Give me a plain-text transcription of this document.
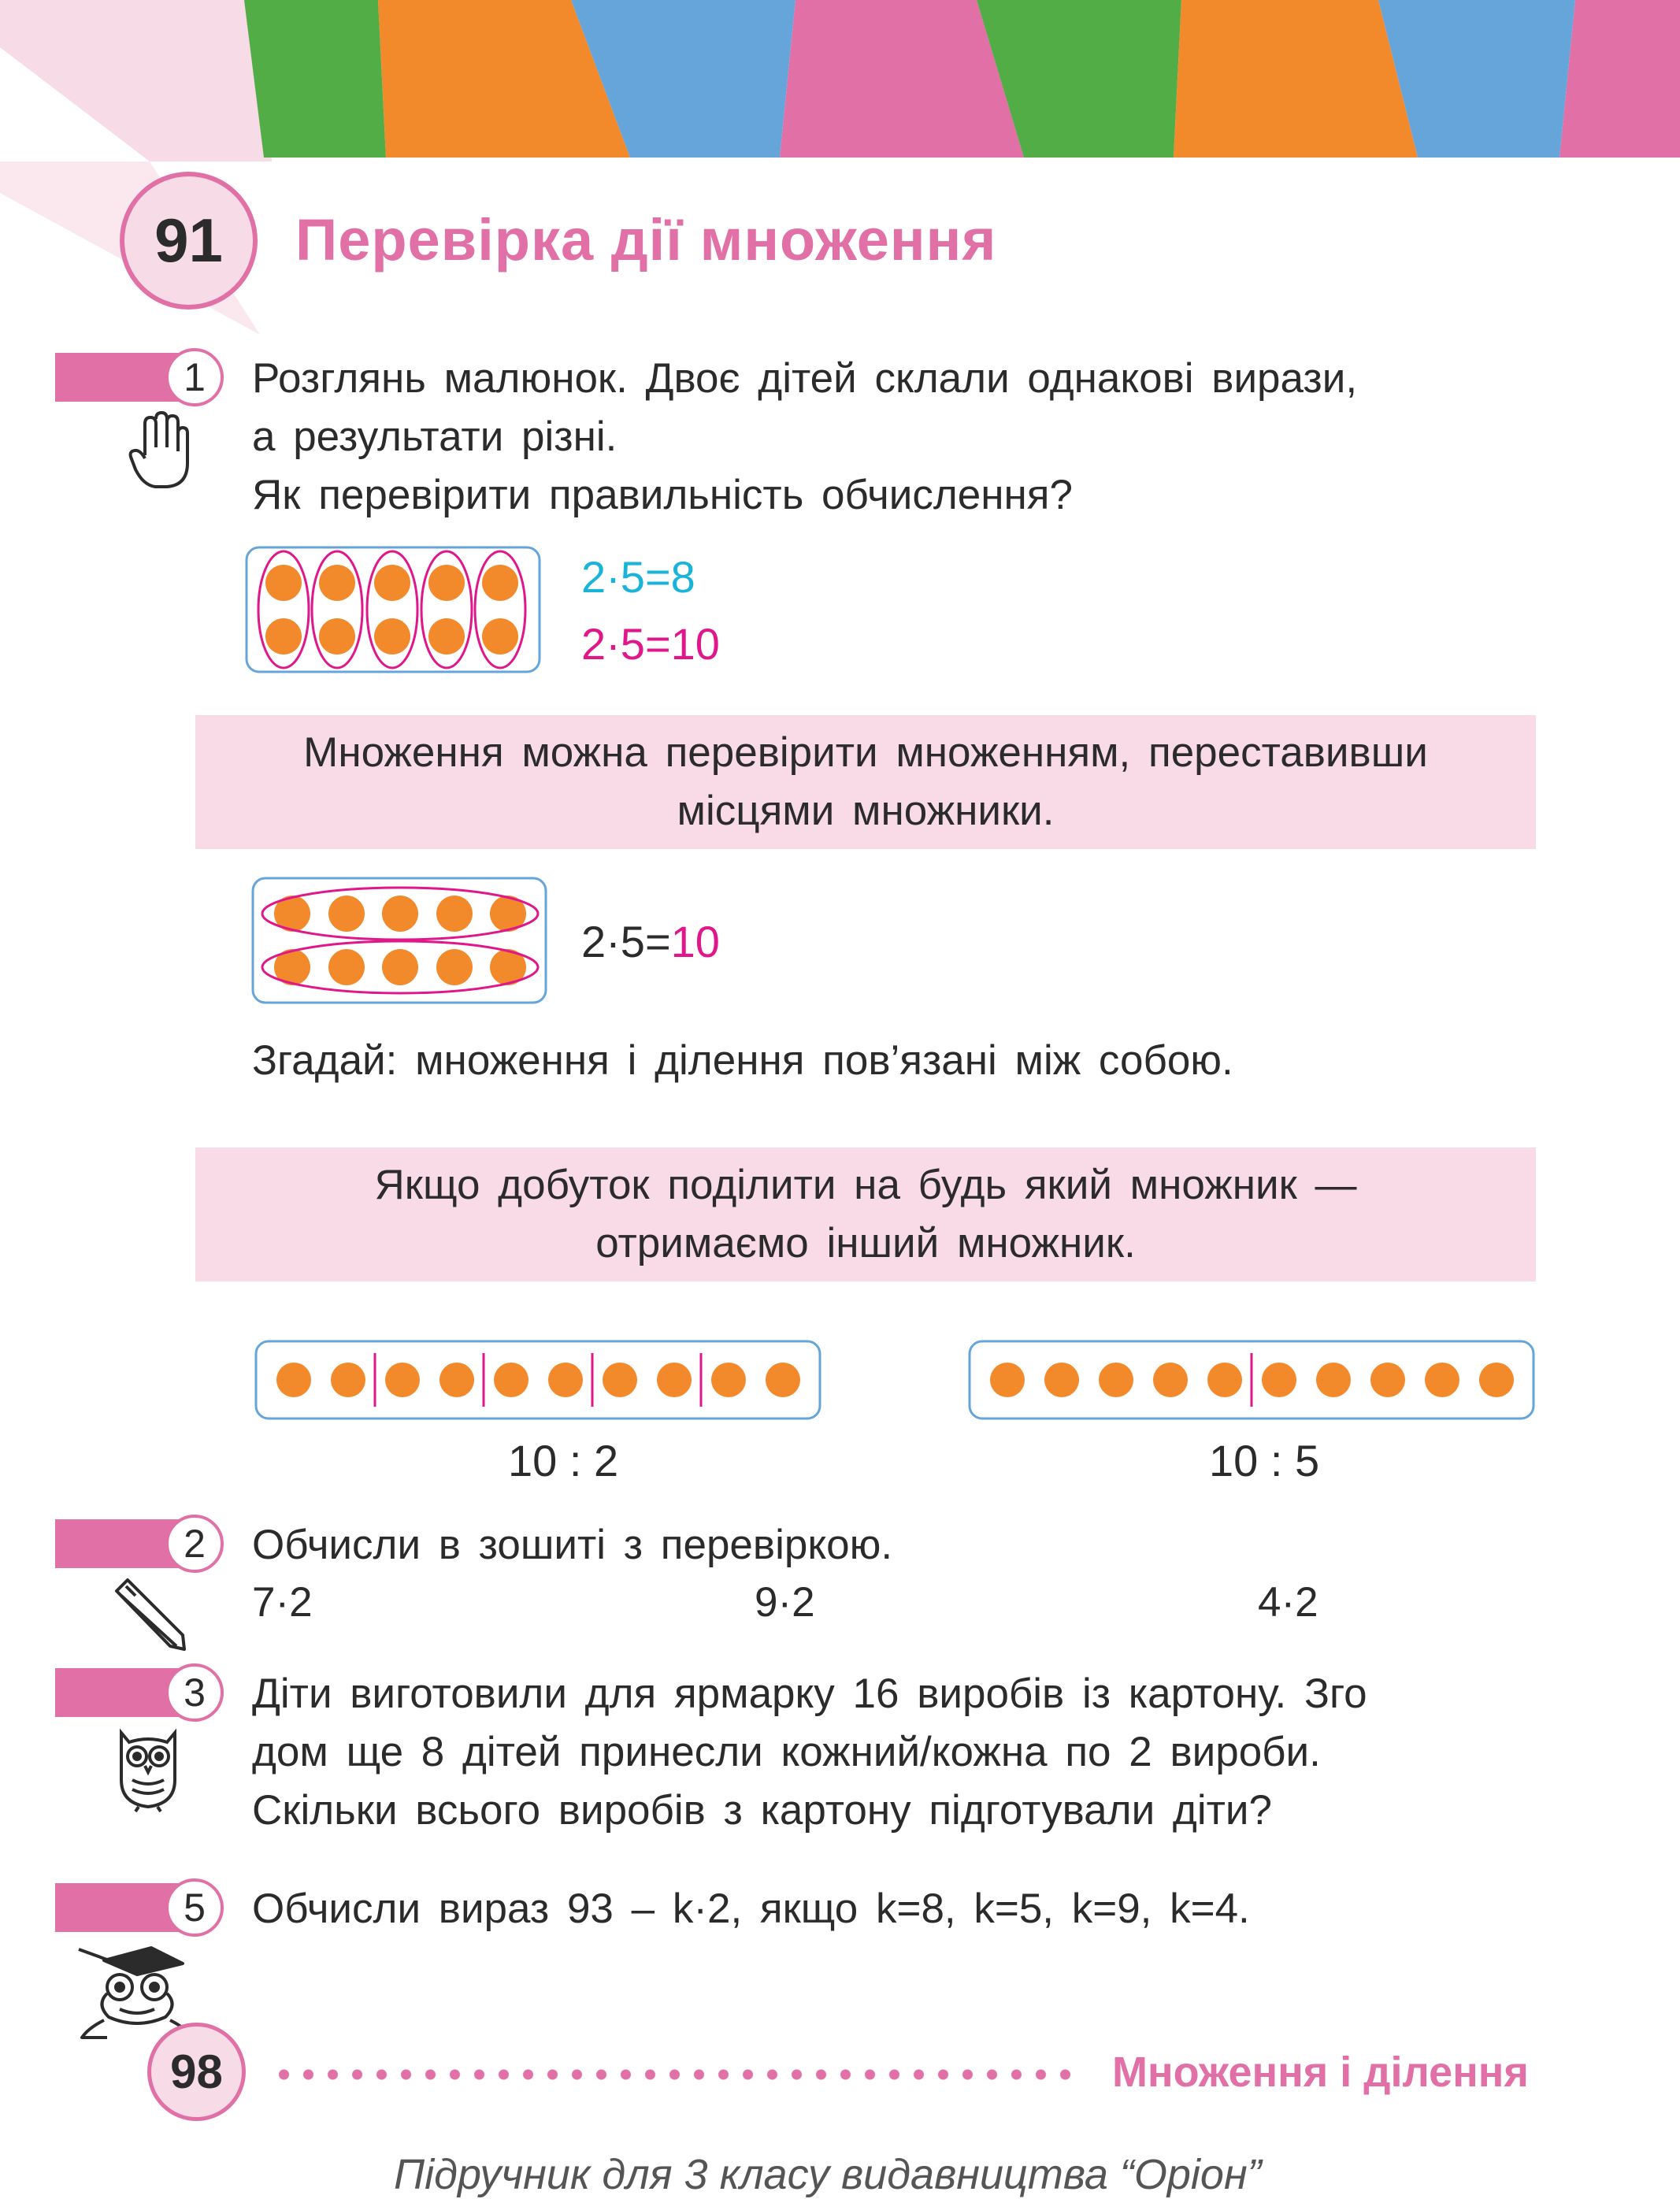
91	Перевірка дії множення
1	Розглянь малюнок. Двоє дітей склали однакові вирази,
а результати різні.
Як перевірити правильність обчислення?
2·5=8
2·5=10
Множення можна перевірити множенням, переставивши
місцями множники.
2·5=10
Згадай: множення і ділення пов’язані між собою.
Якщо добуток поділити на будь який множник —
отримаємо інший множник.
10 : 2	10 : 5
2	Обчисли в зошиті з перевіркою.
7·2	9·2	4·2
3	Діти виготовили для ярмарку 16 виробів із картону. Зго
дом ще 8 дітей принесли кожний/кожна по 2 вироби.
Скільки всього виробів з картону підготували діти?
5	Обчисли вираз 93 – k·2, якщо k=8, k=5, k=9, k=4.
98	Множення і ділення
Підручник для 3 класу видавництва “Оріон”
